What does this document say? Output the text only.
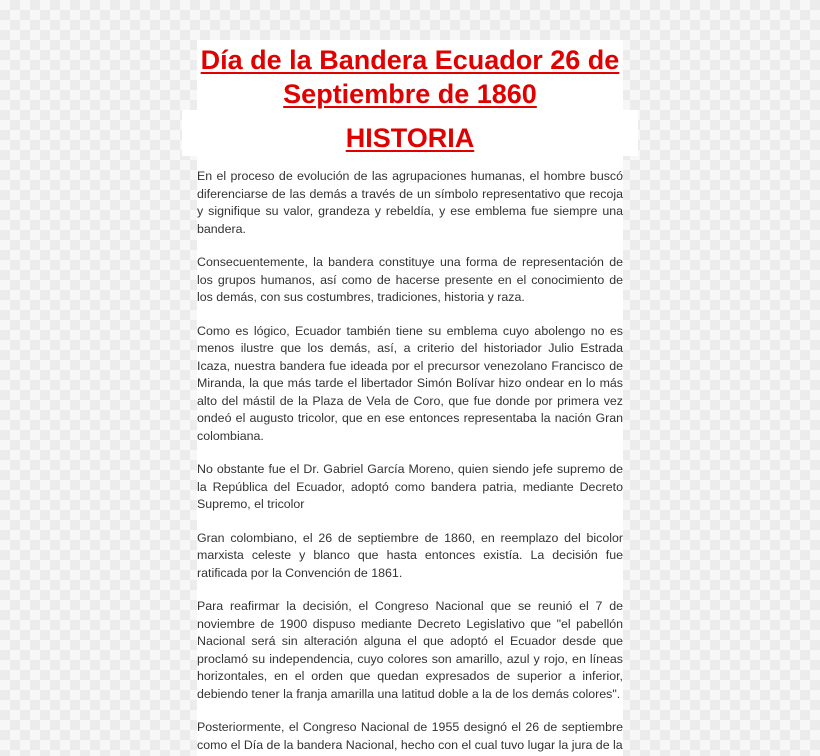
Día de la Bandera Ecuador 26 de Septiembre de 1860
HISTORIA

En el proceso de evolución de las agrupaciones humanas, el hombre buscó diferenciarse de las demás a través de un símbolo representativo que recoja y signifique su valor, grandeza y rebeldía, y ese emblema fue siempre una bandera.

Consecuentemente, la bandera constituye una forma de representación de los grupos humanos, así como de hacerse presente en el conocimiento de los demás, con sus costumbres, tradiciones, historia y raza.

Como es lógico, Ecuador también tiene su emblema cuyo abolengo no es menos ilustre que los demás, así, a criterio del historiador Julio Estrada Icaza, nuestra bandera fue ideada por el precursor venezolano Francisco de Miranda, la que más tarde el libertador Simón Bolívar hizo ondear en lo más alto del mástil de la Plaza de Vela de Coro, que fue donde por primera vez ondeó el augusto tricolor, que en ese entonces representaba la nación Gran colombiana.

No obstante fue el Dr. Gabriel García Moreno, quien siendo jefe supremo de la República del Ecuador, adoptó como bandera patria, mediante Decreto Supremo, el tricolor

Gran colombiano, el 26 de septiembre de 1860, en reemplazo del bicolor marxista celeste y blanco que hasta entonces existía. La decisión fue ratificada por la Convención de 1861.

Para reafirmar la decisión, el Congreso Nacional que se reunió el 7 de noviembre de 1900 dispuso mediante Decreto Legislativo que "el pabellón Nacional será sin alteración alguna el que adoptó el Ecuador desde que proclamó su independencia, cuyo colores son amarillo, azul y rojo, en líneas horizontales, en el orden que quedan expresados de superior a inferior, debiendo tener la franja amarilla una latitud doble a la de los demás colores".

Posteriormente, el Congreso Nacional de 1955 designó el 26 de septiembre como el Día de la bandera Nacional, hecho con el cual tuvo lugar la jura de la
